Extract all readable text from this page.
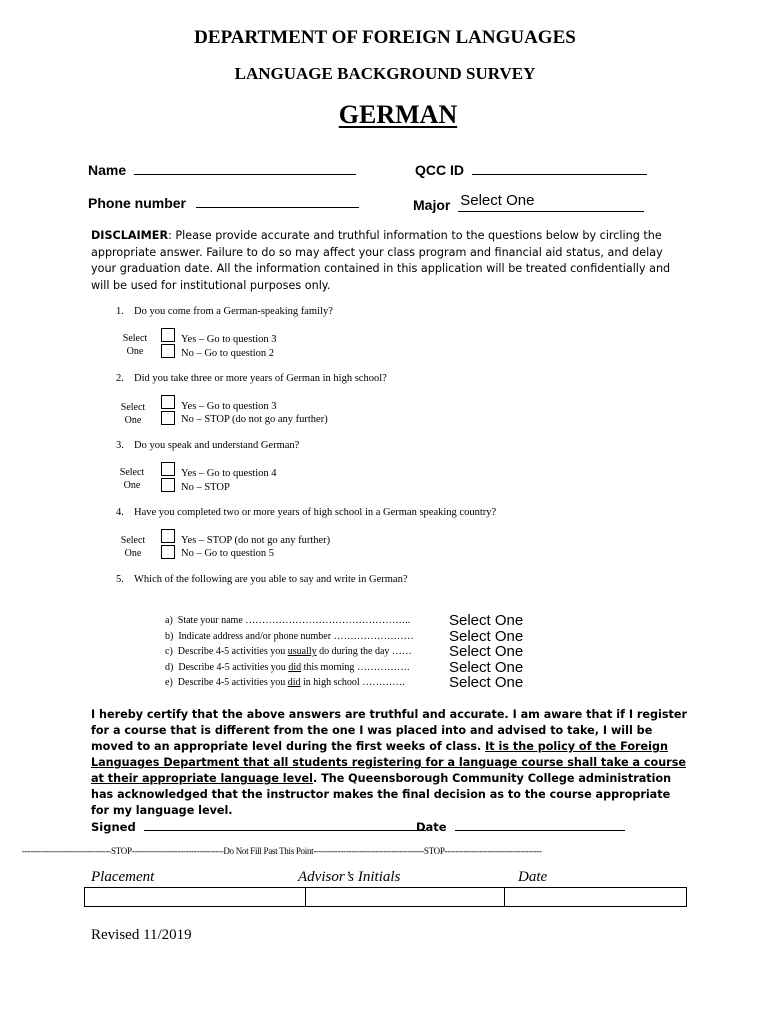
DEPARTMENT OF FOREIGN LANGUAGES
LANGUAGE BACKGROUND SURVEY
GERMAN
Name	QCC ID
Phone number	Major Select One
DISCLAIMER: Please provide accurate and truthful information to the questions below by circling the appropriate answer. Failure to do so may affect your class program and financial aid status, and delay your graduation date. All the information contained in this application will be treated confidentially and will be used for institutional purposes only.
1. Do you come from a German-speaking family?
Select
One
Yes – Go to question 3
No – Go to question 2
2. Did you take three or more years of German in high school?
Select
One
Yes – Go to question 3
No – STOP (do not go any further)
3. Do you speak and understand German?
Select
One
Yes – Go to question 4
No – STOP
4. Have you completed two or more years of high school in a German speaking country?
Select
One
Yes – STOP (do not go any further)
No – Go to question 5
5. Which of the following are you able to say and write in German?
a) State your name …………………………………………..	Select One
b) Indicate address and/or phone number …………………… Select One
c) Describe 4-5 activities you usually do during the day …… Select One
d) Describe 4-5 activities you did this morning …………….	Select One
e) Describe 4-5 activities you did in high school ………….	Select One
I hereby certify that the above answers are truthful and accurate. I am aware that if I register for a course that is different from the one I was placed into and advised to take, I will be moved to an appropriate level during the first weeks of class. It is the policy of the Foreign Languages Department that all students registering for a language course shall take a course at their appropriate language level. The Queensborough Community College administration has acknowledged that the instructor makes the final decision as to the course appropriate for my language level.
Signed	Date
---------------------------------STOP----------------------------------Do Not Fill Past This Point-----------------------------------------STOP------------------------------------
Placement	Advisor’s Initials	Date

Revised 11/2019
